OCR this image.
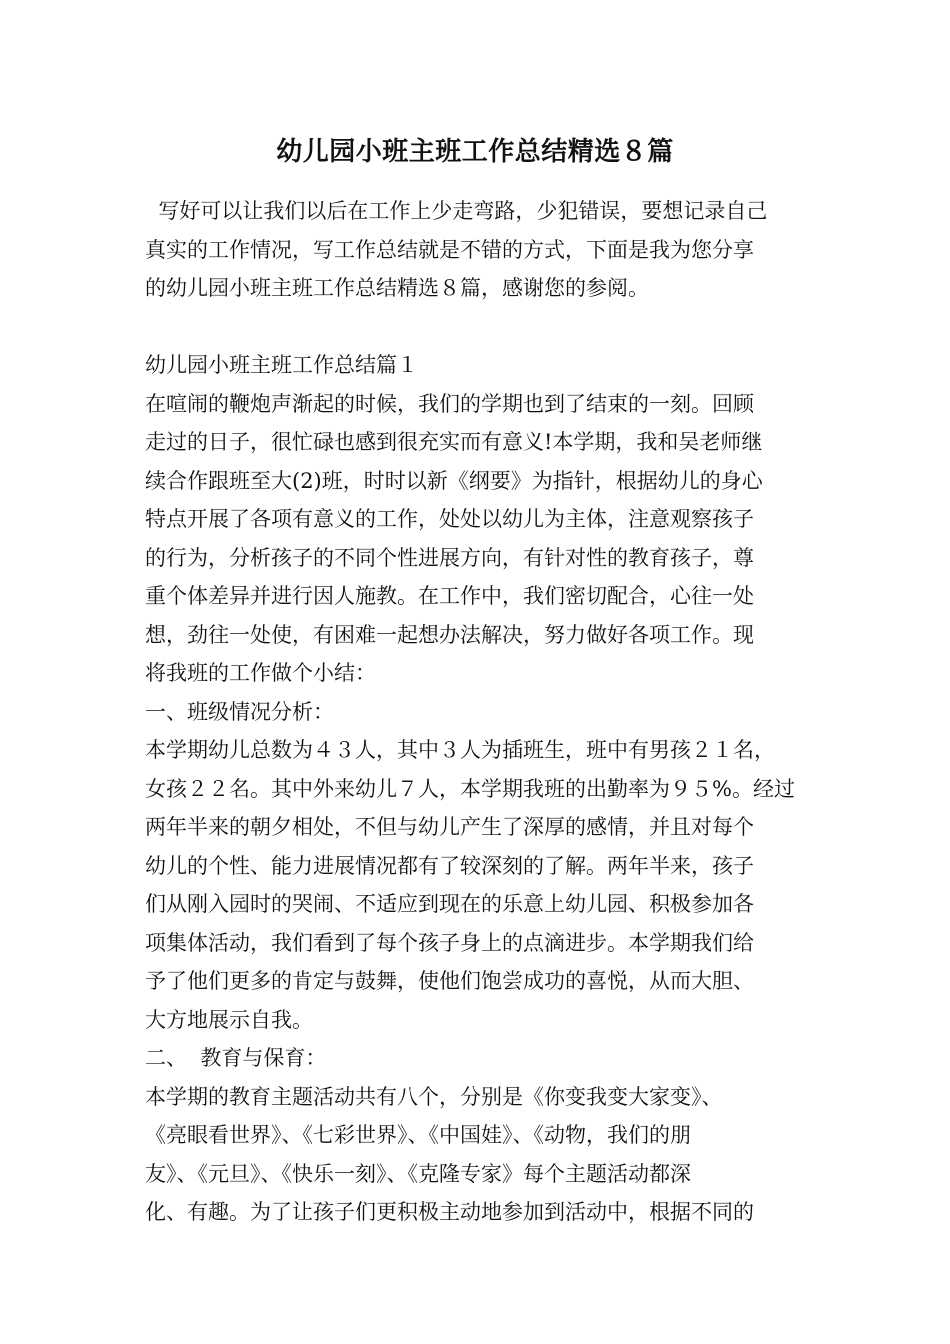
幼儿园小班主班工作总结精选８篇
写好可以让我们以后在工作上少走弯路，少犯错误，要想记录自己
真实的工作情况，写工作总结就是不错的方式，下面是我为您分享
的幼儿园小班主班工作总结精选８篇，感谢您的参阅。
幼儿园小班主班工作总结篇１
在喧闹的鞭炮声渐起的时候，我们的学期也到了结束的一刻。回顾
走过的日子，很忙碌也感到很充实而有意义!本学期，我和吴老师继
续合作跟班至大(2)班，时时以新《纲要》为指针，根据幼儿的身心
特点开展了各项有意义的工作，处处以幼儿为主体，注意观察孩子
的行为，分析孩子的不同个性进展方向，有针对性的教育孩子，尊
重个体差异并进行因人施教。在工作中，我们密切配合，心往一处
想，劲往一处使，有困难一起想办法解决，努力做好各项工作。现
将我班的工作做个小结：
一、班级情况分析：
本学期幼儿总数为４３人，其中３人为插班生，班中有男孩２１名，
女孩２２名。其中外来幼儿７人，本学期我班的出勤率为９５%。经过
两年半来的朝夕相处，不但与幼儿产生了深厚的感情，并且对每个
幼儿的个性、能力进展情况都有了较深刻的了解。两年半来，孩子
们从刚入园时的哭闹、不适应到现在的乐意上幼儿园、积极参加各
项集体活动，我们看到了每个孩子身上的点滴进步。本学期我们给
予了他们更多的肯定与鼓舞，使他们饱尝成功的喜悦，从而大胆、
大方地展示自我。
二、  教育与保育：
本学期的教育主题活动共有八个，分别是《你变我变大家变》、
《亮眼看世界》、《七彩世界》、《中国娃》、《动物，我们的朋
友》、《元旦》、《快乐一刻》、《克隆专家》每个主题活动都深
化、有趣。为了让孩子们更积极主动地参加到活动中，根据不同的
